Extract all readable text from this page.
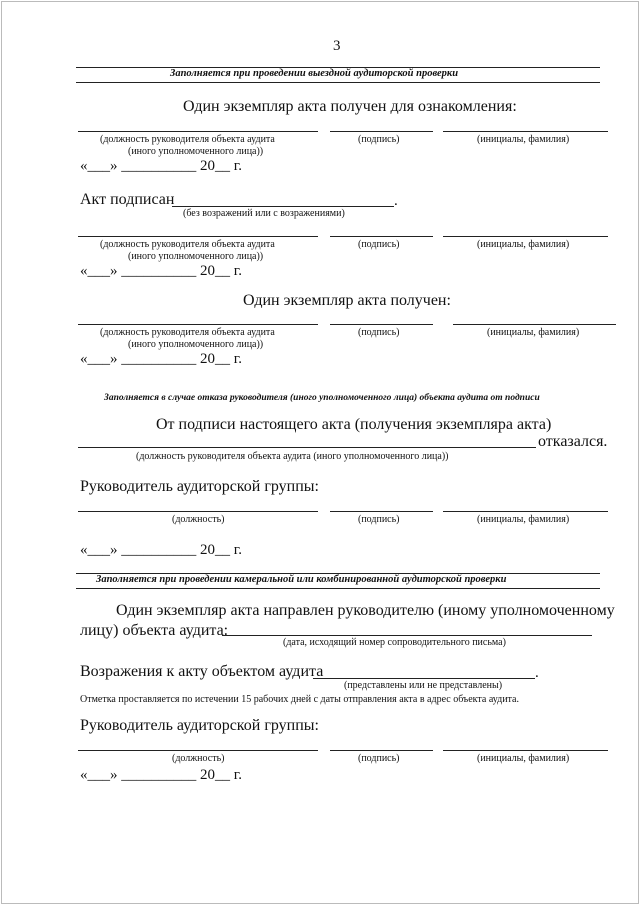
3
Заполняется при проведении выездной аудиторской проверки
Один экземпляр акта получен для ознакомления:
(должность руководителя объекта аудита
(иного уполномоченного лица))
(подпись)	(инициалы, фамилия)
«___» __________ 20__ г.
Акт подписан	.
(без возражений или с возражениями)
(должность руководителя объекта аудита
(иного уполномоченного лица))
(подпись)	(инициалы, фамилия)
«___» __________ 20__ г.
Один экземпляр акта получен:
(должность руководителя объекта аудита
(иного уполномоченного лица))
(подпись)	(инициалы, фамилия)
«___» __________ 20__ г.
Заполняется в случае отказа руководителя (иного уполномоченного лица) объекта аудита от подписи
От подписи настоящего акта (получения экземпляра акта)
отказался.
(должность руководителя объекта аудита (иного уполномоченного лица))
Руководитель аудиторской группы:
(должность)	(подпись)	(инициалы, фамилия)
«___» __________ 20__ г.
Заполняется при проведении камеральной или комбинированной аудиторской проверки
Один экземпляр акта направлен руководителю (иному уполномоченному
лицу) объекта аудита:
(дата, исходящий номер сопроводительного письма)
Возражения к акту объектом аудита	.
(представлены или не представлены)
Отметка проставляется по истечении 15 рабочих дней с даты отправления акта в адрес объекта аудита.
Руководитель аудиторской группы:
(должность)	(подпись)	(инициалы, фамилия)
«___» __________ 20__ г.
